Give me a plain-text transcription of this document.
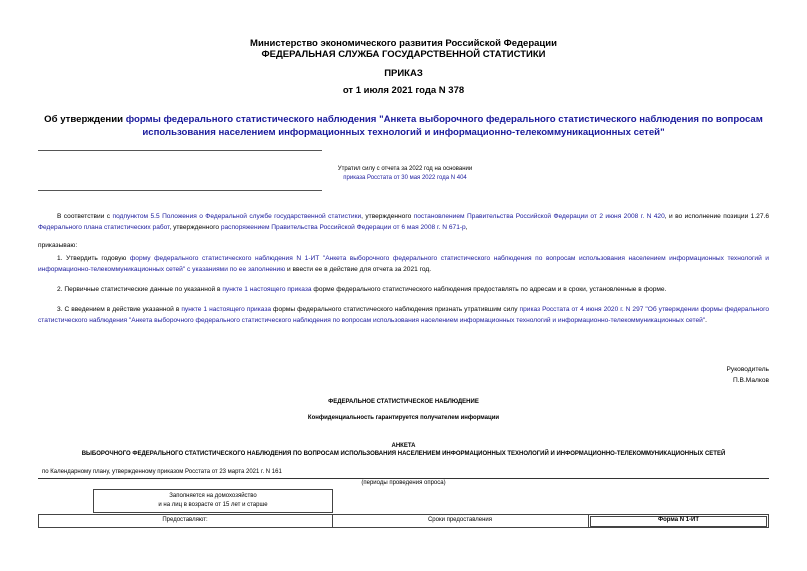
Министерство экономического развития Российской Федерации
ФЕДЕРАЛЬНАЯ СЛУЖБА ГОСУДАРСТВЕННОЙ СТАТИСТИКИ
ПРИКАЗ
от 1 июля 2021 года N 378
Об утверждении формы федерального статистического наблюдения "Анкета выборочного федерального статистического наблюдения по вопросам использования населением информационных технологий и информационно-телекоммуникационных сетей"
Утратил силу с отчета за 2022 год на основании
приказа Росстата от 30 мая 2022 года N 404
В соответствии с подпунктом 5.5 Положения о Федеральной службе государственной статистики, утвержденного постановлением Правительства Российской Федерации от 2 июня 2008 г. N 420, и во исполнение позиции 1.27.6 Федерального плана статистических работ, утвержденного распоряжением Правительства Российской Федерации от 6 мая 2008 г. N 671-р,
приказываю:
1. Утвердить годовую форму федерального статистического наблюдения N 1-ИТ "Анкета выборочного федерального статистического наблюдения по вопросам использования населением информационных технологий и информационно-телекоммуникационных сетей" с указаниями по ее заполнению и ввести ее в действие для отчета за 2021 год.
2. Первичные статистические данные по указанной в пункте 1 настоящего приказа форме федерального статистического наблюдения предоставлять по адресам и в сроки, установленные в форме.
3. С введением в действие указанной в пункте 1 настоящего приказа формы федерального статистического наблюдения признать утратившим силу приказ Росстата от 4 июня 2020 г. N 297 "Об утверждении формы федерального статистического наблюдения "Анкета выборочного федерального статистического наблюдения по вопросам использования населением информационных технологий и информационно-телекоммуникационных сетей".
Руководитель
П.В.Малков
ФЕДЕРАЛЬНОЕ СТАТИСТИЧЕСКОЕ НАБЛЮДЕНИЕ
Конфиденциальность гарантируется получателем информации
АНКЕТА
ВЫБОРОЧНОГО ФЕДЕРАЛЬНОГО СТАТИСТИЧЕСКОГО НАБЛЮДЕНИЯ ПО ВОПРОСАМ ИСПОЛЬЗОВАНИЯ НАСЕЛЕНИЕМ ИНФОРМАЦИОННЫХ ТЕХНОЛОГИЙ И ИНФОРМАЦИОННО-ТЕЛЕКОММУНИКАЦИОННЫХ СЕТЕЙ
по Календарному плану, утвержденному приказом Росстата от 23 марта 2021 г. N 161
(периоды проведения опроса)
Заполняется на домохозяйство
и на лиц в возрасте от 15 лет и старше
Предоставляют:	Сроки предоставления	Форма N 1-ИТ
